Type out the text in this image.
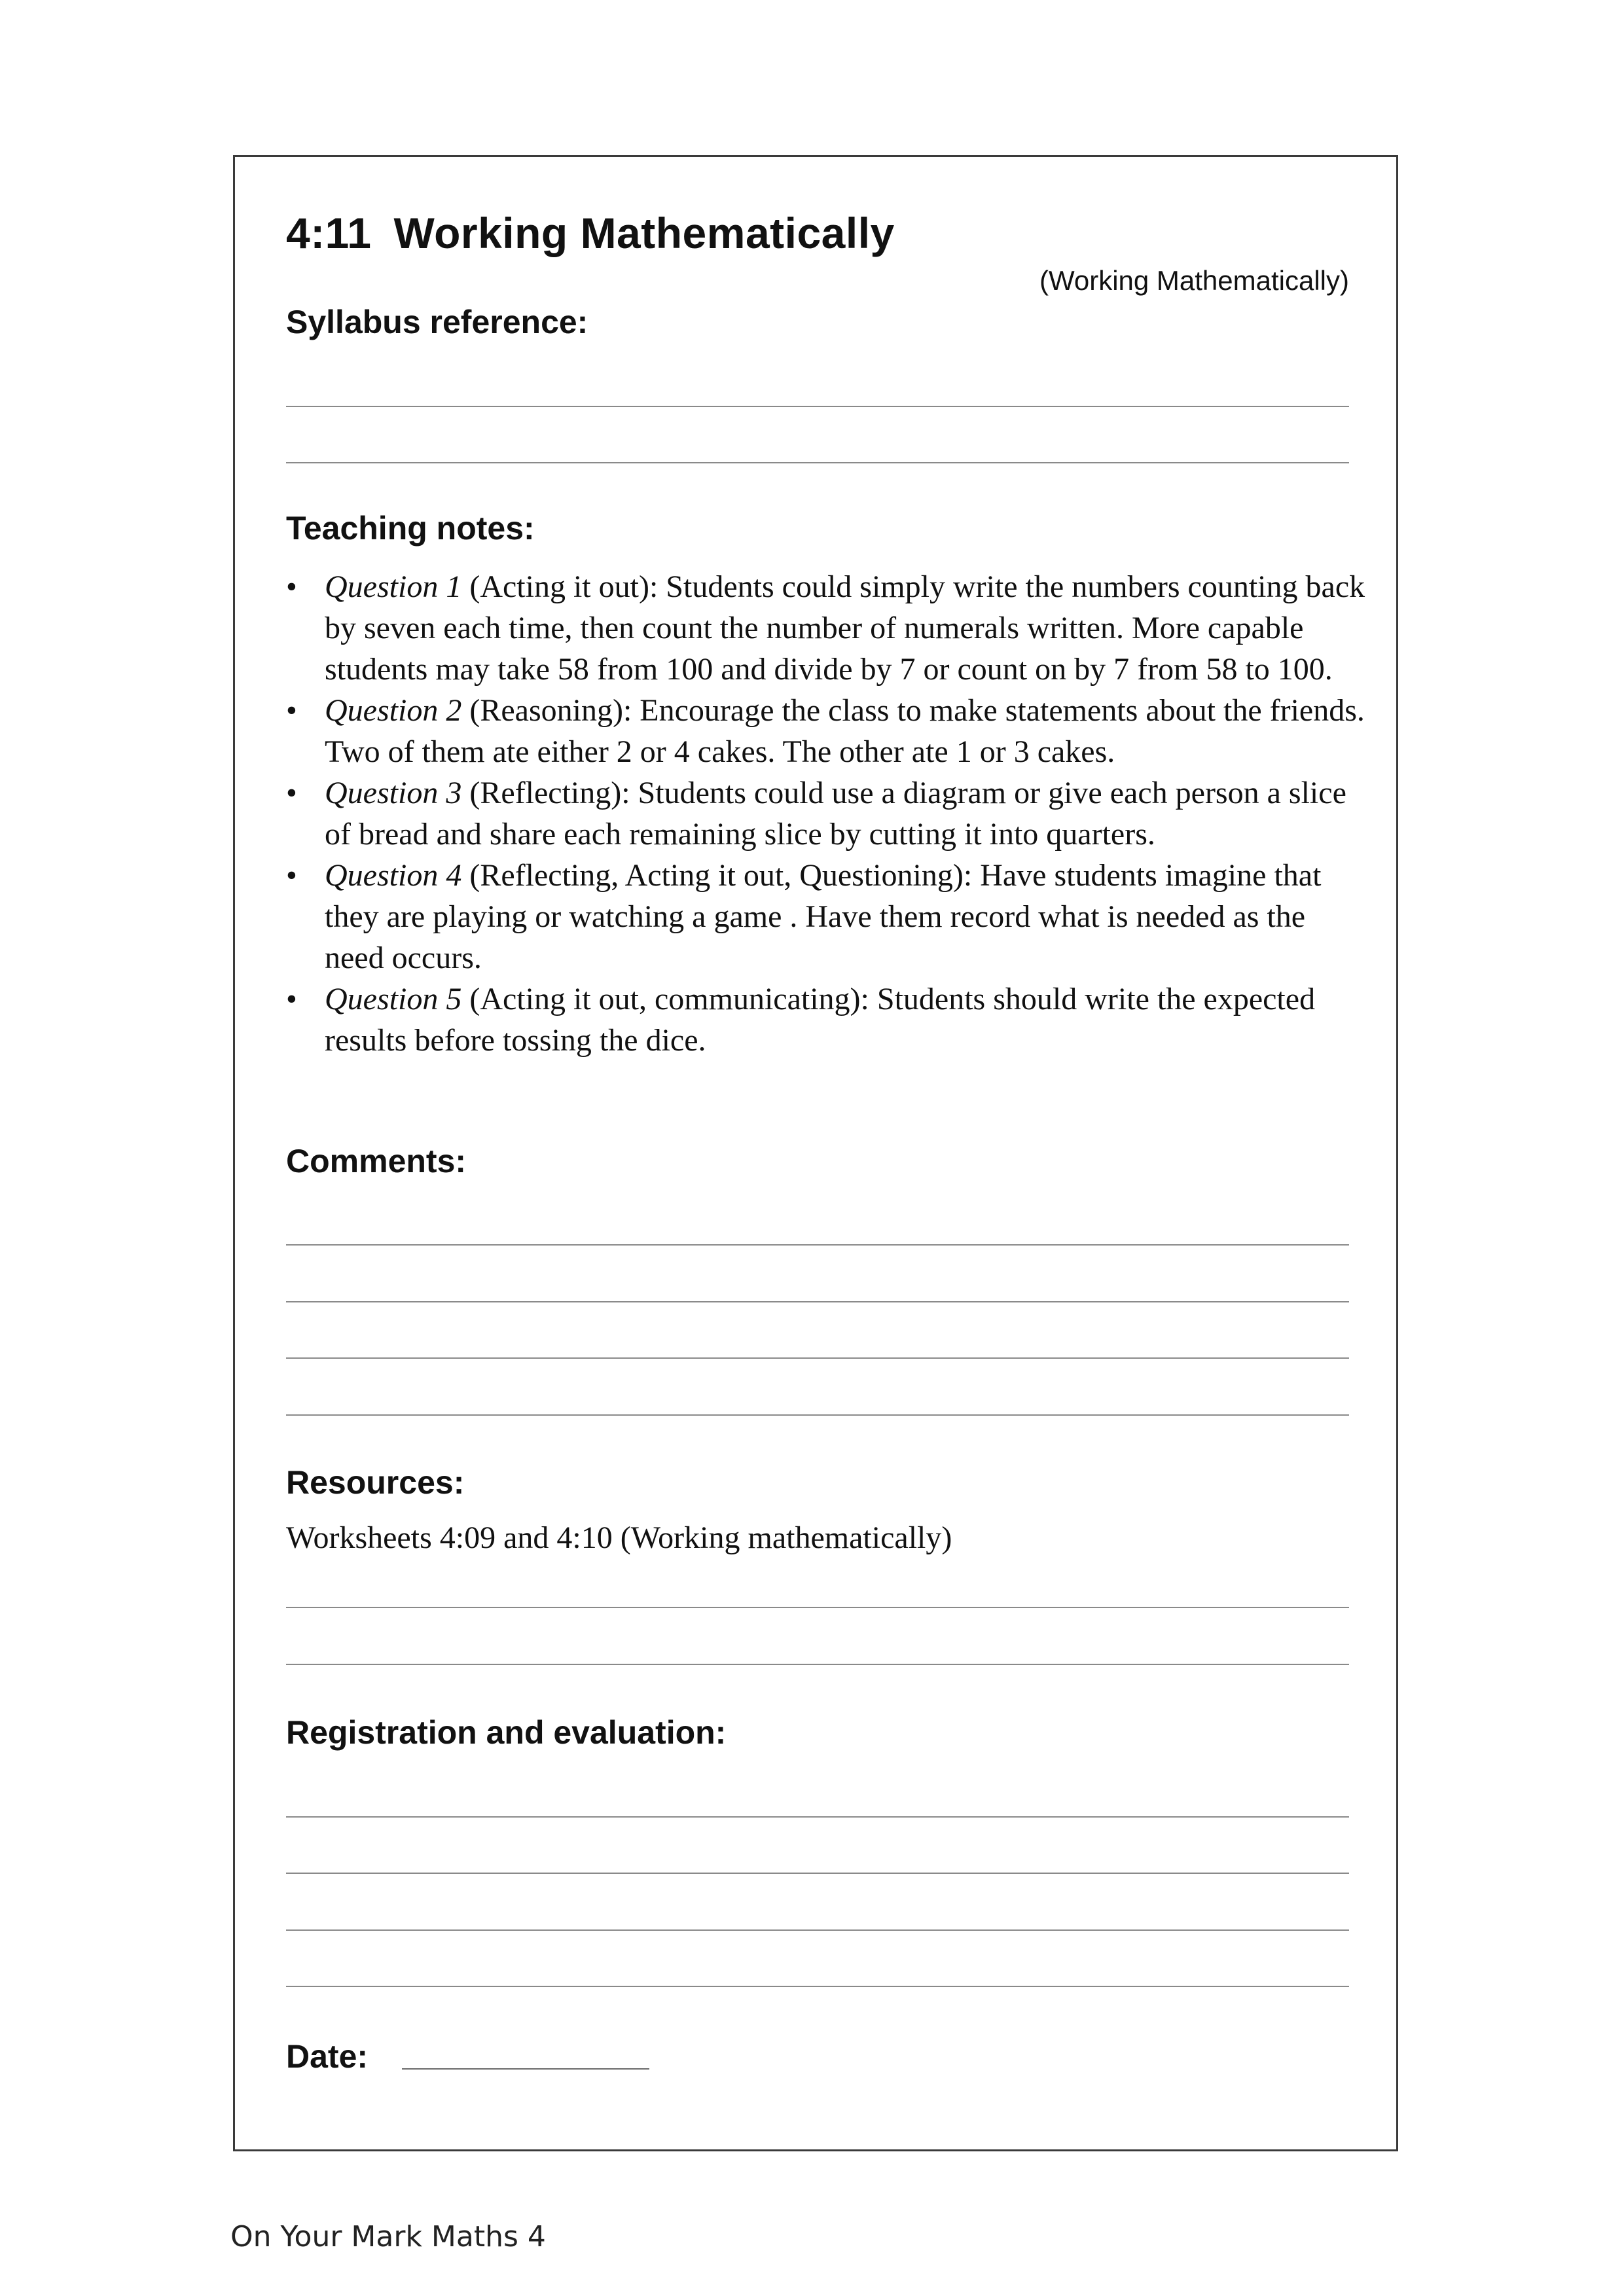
4:11 Working Mathematically
(Working Mathematically)
Syllabus reference:
Teaching notes:
• Question 1 (Acting it out): Students could simply write the numbers counting back by seven each time, then count the number of numerals written. More capable students may take 58 from 100 and divide by 7 or count on by 7 from 58 to 100.
• Question 2 (Reasoning): Encourage the class to make statements about the friends. Two of them ate either 2 or 4 cakes. The other ate 1 or 3 cakes.
• Question 3 (Reflecting): Students could use a diagram or give each person a slice of bread and share each remaining slice by cutting it into quarters.
• Question 4 (Reflecting, Acting it out, Questioning): Have students imagine that they are playing or watching a game . Have them record what is needed as the need occurs.
• Question 5 (Acting it out, communicating): Students should write the expected results before tossing the dice.
Comments:
Resources:
Worksheets 4:09 and 4:10 (Working mathematically)
Registration and evaluation:
Date:
On Your Mark Maths 4
